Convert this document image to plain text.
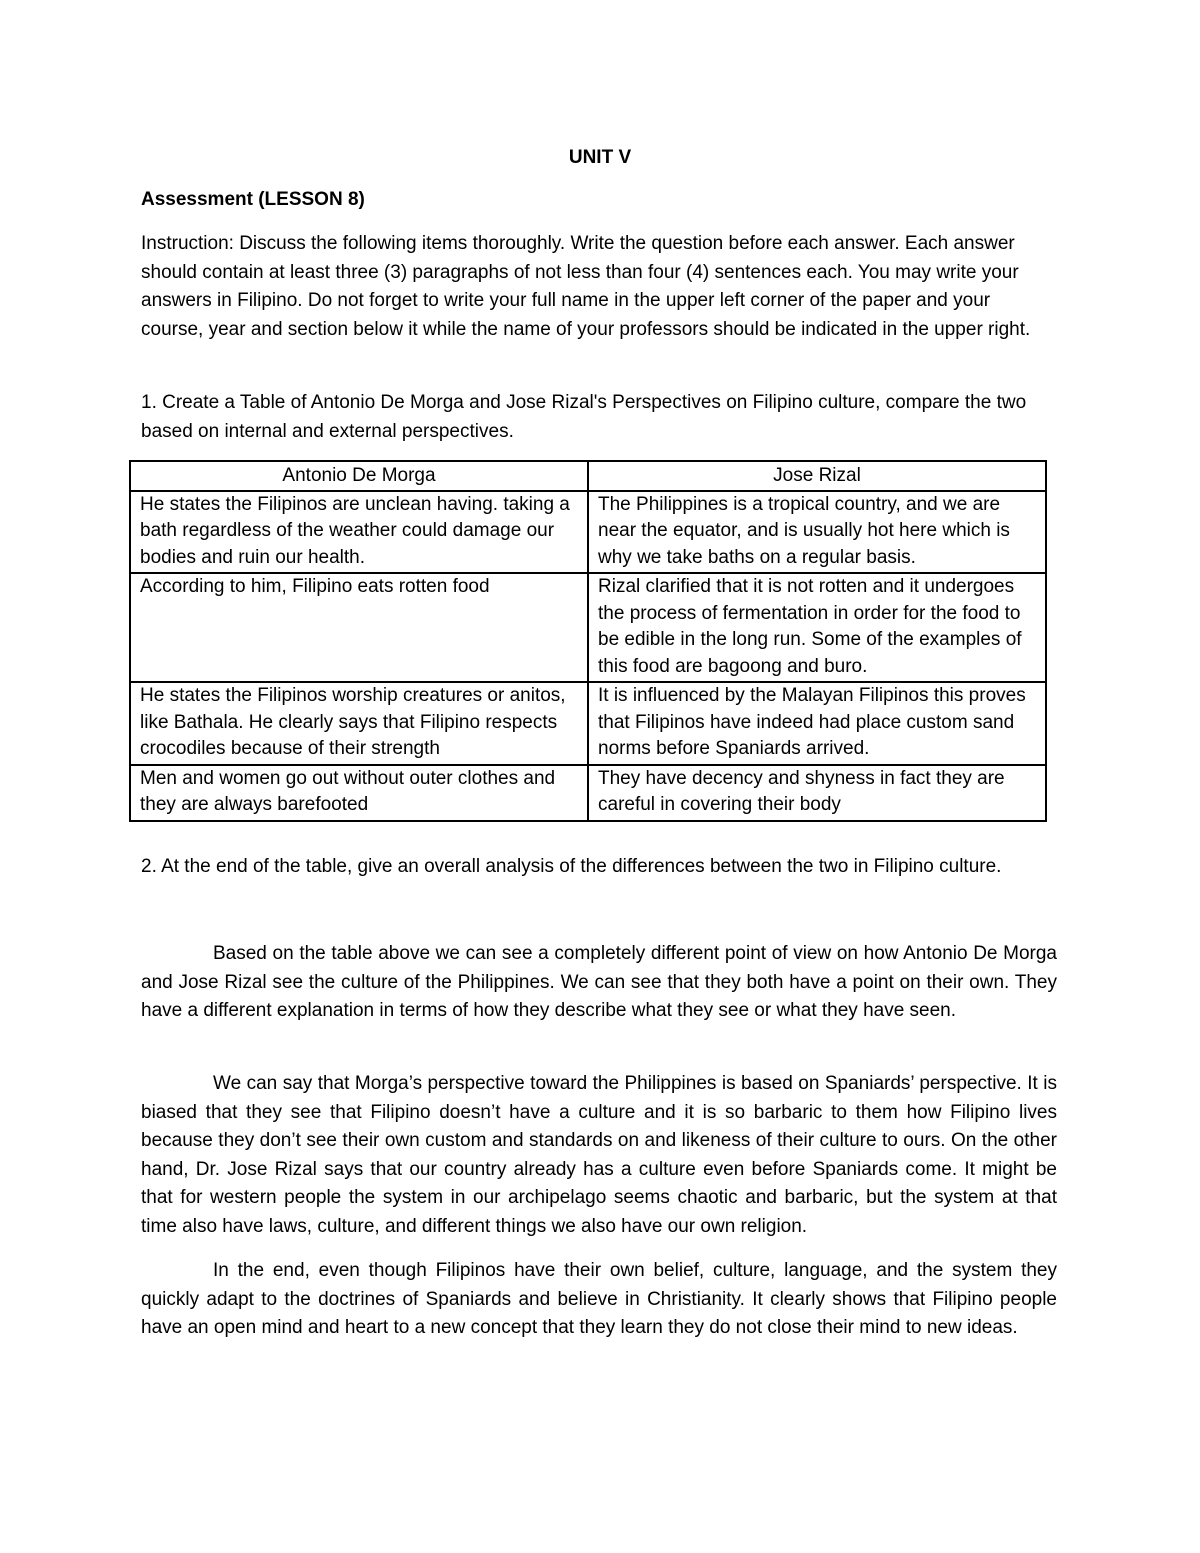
UNIT V

Assessment (LESSON 8)

Instruction: Discuss the following items thoroughly. Write the question before each answer. Each answer should contain at least three (3) paragraphs of not less than four (4) sentences each. You may write your answers in Filipino. Do not forget to write your full name in the upper left corner of the paper and your course, year and section below it while the name of your professors should be indicated in the upper right.

1. Create a Table of Antonio De Morga and Jose Rizal's Perspectives on Filipino culture, compare the two based on internal and external perspectives.

Antonio De Morga	Jose Rizal
He states the Filipinos are unclean having. taking a bath regardless of the weather could damage our bodies and ruin our health.	The Philippines is a tropical country, and we are near the equator, and is usually hot here which is why we take baths on a regular basis.
According to him, Filipino eats rotten food	Rizal clarified that it is not rotten and it undergoes the process of fermentation in order for the food to be edible in the long run. Some of the examples of this food are bagoong and buro.
He states the Filipinos worship creatures or anitos, like Bathala. He clearly says that Filipino respects crocodiles because of their strength	It is influenced by the Malayan Filipinos this proves that Filipinos have indeed had place custom sand norms before Spaniards arrived.
Men and women go out without outer clothes and they are always barefooted	They have decency and shyness in fact they are careful in covering their body

2. At the end of the table, give an overall analysis of the differences between the two in Filipino culture.

Based on the table above we can see a completely different point of view on how Antonio De Morga and Jose Rizal see the culture of the Philippines. We can see that they both have a point on their own. They have a different explanation in terms of how they describe what they see or what they have seen.

We can say that Morga’s perspective toward the Philippines is based on Spaniards’ perspective. It is biased that they see that Filipino doesn’t have a culture and it is so barbaric to them how Filipino lives because they don’t see their own custom and standards on and likeness of their culture to ours. On the other hand, Dr. Jose Rizal says that our country already has a culture even before Spaniards come. It might be that for western people the system in our archipelago seems chaotic and barbaric, but the system at that time also have laws, culture, and different things we also have our own religion.

In the end, even though Filipinos have their own belief, culture, language, and the system they quickly adapt to the doctrines of Spaniards and believe in Christianity. It clearly shows that Filipino people have an open mind and heart to a new concept that they learn they do not close their mind to new ideas.
